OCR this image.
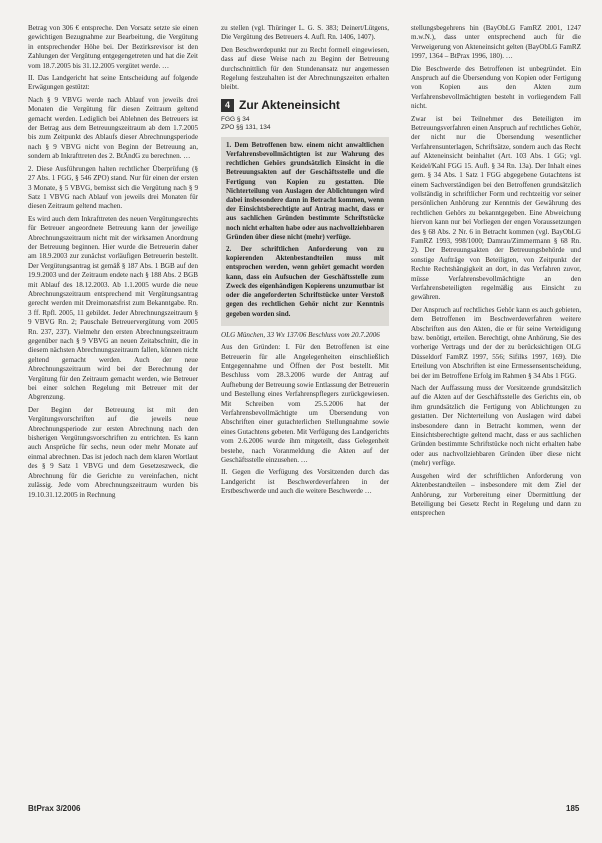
Betrag von 306 € entspreche. Den Vorsatz setzte sie einen gewichtigen Bezugnahme zur Bearbeitung, die Vergütung in entsprechender Höhe bei. Der Bezirksrevisor ist den Zahlungen der Vergütung entgegengetreten und hat die Zeit vom 18.7.2005 bis 31.12.2005 vergütet werde. …

II. Das Landgericht hat seine Entscheidung auf folgende Erwägungen gestützt:

Nach § 9 VBVG werde nach Ablauf von jeweils drei Monaten die Vergütung für diesen Zeitraum geltend gemacht werden. Lediglich bei Ablehnen des Betreuers ist der Betrag aus dem Betreuungszeitraum ab dem 1.7.2005 bis zum Zeitpunkt des Ablaufs dieser Abrechnungsperiode nach § 9 VBVG nicht von Beginn der Betreuung an, sondern ab Inkrafttreten des 2. BtÄndG zu berechnen. …

2. Diese Ausführungen halten rechtlicher Überprüfung (§ 27 Abs. 1 FGG, § 546 ZPO) stand. Nur für einen der ersten 3 Monate, § 5 VBVG, bemisst sich die Vergütung nach § 9 Satz 1 VBVG nach Ablauf von jeweils drei Monaten für diesen Zeitraum geltend machen.

Es wird auch dem Inkrafttreten des neuen Vergütungsrechts für Betreuer angeordnete Betreuung kann der jeweilige Abrechnungszeitraum nicht mit der wirksamen Anordnung der Betreuung beginnen. Hier wurde die Betreuerin daher am 18.9.2003 zur zunächst vorläufigen Betreuerin bestellt. Der Vergütungsantrag ist gemäß § 187 Abs. 1 BGB auf den 19.9.2003 und der Zeitraum endete nach § 188 Abs. 2 BGB mit Ablauf des 18.12.2003. Ab 1.1.2005 wurde die neue Abrechnungszeitraum entsprechend mit Vergütungsantrag gerecht werden mit Dreimonatsfrist zum Bekanntgabe. Rn. 3 ff. Rpfl. 2005, 11 gebildet. Jeder Abrechnungszeitraum § 9 VBVG Rn. 2; Pauschale Betreuervergütung vom 2005 Rn. 237, 237). Vielmehr den ersten Abrechnungszeitraum gegenüber nach § 9 VBVG an neuen Zeitabschnitt, die in diesem nächsten Abrechnungszeitraum fallen, können nicht geltend gemacht werden. Auch der neue Abrechnungszeitraum wird bei der Berechnung der Vergütung für den Zeitraum gemacht werden, wie Betreuer bei einer solchen Regelung mit Betreuer mit der Abgrenzung.

Der Beginn der Betreuung ist mit den Vergütungsvorschriften auf die jeweils neue Abrechnungsperiode zur ersten Abrechnung nach den bisherigen Vergütungsvorschriften zu entrichten. Es kann auch Ansprüche für sechs, neun oder mehr Monate auf einmal abrechnen. Das ist jedoch nach dem klaren Wortlaut des § 9 Satz 1 VBVG und dem Gesetzeszweck, die Abrechnung für die Gerichte zu vereinfachen, nicht zulässig. Jede vom Abrechnungszeitraum wurden bis 19.10.31.12.2005 in Rechnung

zu stellen (vgl. Thüringer L. G. S. 383; Deinert/Lütgens, Die Vergütung des Betreuers 4. Aufl. Rn. 1406, 1407).

Den Beschwerdepunkt nur zu Recht formell eingewiesen, dass auf diese Weise nach zu Beginn der Betreuung durchschnittlich für den Stundenansatz nur angemessen Regelung festzuhalten ist der Abrechnungszeiten erhalten bleibt.

4 Zur Akteneinsicht
FGG § 34
ZPO §§ 131, 134

1. Dem Betroffenen bzw. einem nicht anwaltlichen Verfahrensbevollmächtigten ist zur Wahrung des rechtlichen Gehörs grundsätzlich Einsicht in die Betreuungsakten auf der Geschäftsstelle und die Fertigung von Kopien zu gestatten. Die Nichterteilung von Auslagen der Ablichtungen wird dabei insbesondere dann in Betracht kommen, wenn der Einsichtsberechtigte auf Antrag macht, dass er aus sachlichen Gründen bestimmte Schriftstücke noch nicht erhalten habe oder aus nachvollziehbaren Gründen über diese nicht (mehr) verfüge.

2. Der schriftlichen Anforderung von zu kopierenden Aktenbestandteilen muss mit entsprochen werden, wenn gehört gemacht worden kann, dass ein Aufsuchen der Geschäftsstelle zum Zweck des eigenhändigen Kopierens unzumutbar ist oder die angeforderten Schriftstücke unter Verstoß gegen des rechtlichen Gehör nicht zur Kenntnis gegeben worden sind.

OLG München, 33 Wx 137/06 Beschluss vom 20.7.2006

Aus den Gründen: I. Für den Betroffenen ist eine Betreuerin für alle Angelegenheiten einschließlich Entgegennahme und Öffnen der Post bestellt. Mit Beschluss vom 28.3.2006 wurde der Antrag auf Aufhebung der Betreuung sowie Entlassung der Betreuerin und Bestellung eines Verfahrenspflegers zurückgewiesen. Mit Schreiben vom 25.5.2006 hat der Verfahrensbevollmächtigte um Übersendung von Abschriften einer gutachterlichen Stellungnahme sowie eines Gutachtens gebeten. Mit Verfügung des Landgerichts vom 2.6.2006 wurde ihm mitgeteilt, dass Gelegenheit bestehe, nach Voranmeldung die Akten auf der Geschäftsstelle einzusehen. …

II. Gegen die Verfügung des Vorsitzenden durch das Landgericht ist Beschwerdeverfahren in der Erstbeschwerde und auch die weitere Beschwerde …

stellungsbegehrens hin (BayObLG FamRZ 2001, 1247 m.w.N.), dass unter entsprechend auch für die Verweigerung von Akteneinsicht gelten (BayObLG FamRZ 1997, 1364 – BtPrax 1996, 180). …

Die Beschwerde des Betroffenen ist unbegründet. Ein Anspruch auf die Übersendung von Kopien oder Fertigung von Kopien aus den Akten zum Verfahrensbevollmächtigten besteht in vorliegendem Fall nicht.

Zwar ist bei Teilnehmer des Beteiligten im Betreuungsverfahren einen Anspruch auf rechtliches Gehör, der nicht nur die Übersendung wesentlicher Verfahrensunterlagen, Schriftsätze, sondern auch das Recht auf Akteneinsicht beinhaltet (Art. 103 Abs. 1 GG; vgl. Keidel/Kahl FGG 15. Aufl. § 34 Rn. 13a). Der Inhalt eines gem. § 34 Abs. 1 Satz 1 FGG abgegebene Gutachtens ist einem Sachverständigen bei den Betroffenen grundsätzlich vollständig in schriftlicher Form und rechtzeitig vor seiner persönlichen Anhörung zur Kenntnis der Gewährung des rechtlichen Gehörs zu bekanntgegeben. Eine Abweichung hiervon kann nur bei Vorliegen der engen Voraussetzungen des § 68 Abs. 2 Nr. 6 in Betracht kommen (vgl. BayObLG FamRZ 1993, 998/1000; Damrau/Zimmermann § 68 Rn. 2). Der Betreuungsakten der Betreuungsbehörde und sonstige Aufträge von Beteiligten, von Zeitpunkt der Rechte Rechtshängigkeit an dort, in das Verfahren zuvor, müsse Verfahrensbevollmächtigte an den Verfahrensbeteiligten regelmäßig aus Einsicht zu gewähren.

Der Anspruch auf rechtliches Gehör kann es auch gebieten, dem Betroffenen im Beschwerdeverfahren weitere Abschriften aus den Akten, die er für seine Verteidigung bzw. benötigt, erteilen. Berechtigt, ohne Anhörung, Sie des vorherige Vertrags und der der zu berücksichtigen OLG Düsseldorf FamRZ 1997, 556; Sifilks 1997, 169). Die Erteilung von Abschriften ist eine Ermessensentscheidung, bei der im Betroffene Erfolg im Rahmen § 34 Abs 1 FGG.

Nach der Auffassung muss der Vorsitzende grundsätzlich auf die Akten auf der Geschäftsstelle des Gerichts ein, ob ihm grundsätzlich die Fertigung von Ablichtungen zu gestatten. Der Nichterteilung von Auslagen wird dabei insbesondere dann in Betracht kommen, wenn der Einsichtsberechtigte geltend macht, dass er aus sachlichen Gründen bestimmte Schriftstücke noch nicht erhalten habe oder aus nachvollziehbaren Gründen über diese nicht (mehr) verfüge.

Ausgehen wird der schriftlichen Anforderung von Aktenbestandteilen – insbesondere mit dem Ziel der Anhörung, zur Vorbereitung einer Übermittlung der Beteiligung bei Gesetz Recht in Regelung und dann zu entsprechen

BtPrax 3/2006	185
